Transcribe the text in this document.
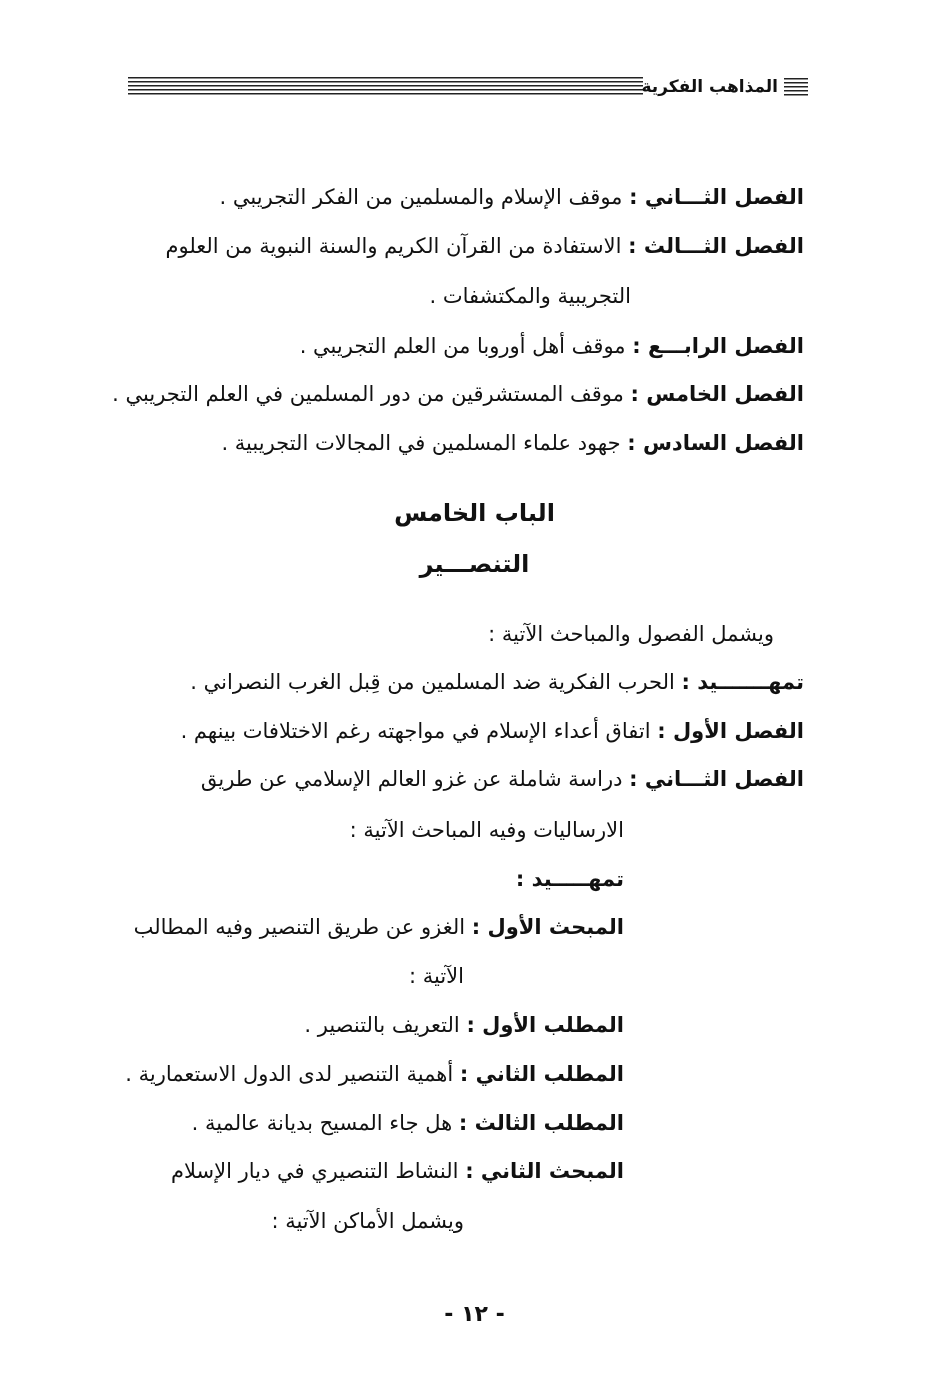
المذاهب الفكرية
الفصل الثـــاني : موقف الإسلام والمسلمين من الفكر التجريبي .
الفصل الثـــالث : الاستفادة من القرآن الكريم والسنة النبوية من العلوم
التجريبية والمكتشفات .
الفصل الرابـــع : موقف أهل أوروبا من العلم التجريبي .
الفصل الخامس : موقف المستشرقين من دور المسلمين في العلم التجريبي .
الفصل السادس : جهود علماء المسلمين في المجالات التجريبية .
الباب الخامس
التنصـــير
ويشمل الفصول والمباحث الآتية :
تمهـــــــيد : الحرب الفكرية ضد المسلمين من قِبل الغرب النصراني .
الفصل الأول : اتفاق أعداء الإسلام في مواجهته رغم الاختلافات بينهم .
الفصل الثـــاني : دراسة شاملة عن غزو العالم الإسلامي عن طريق
الارساليات وفيه المباحث الآتية :
تمهـــــيد :
المبحث الأول : الغزو عن طريق التنصير وفيه المطالب
الآتية :
المطلب الأول : التعريف بالتنصير .
المطلب الثاني : أهمية التنصير لدى الدول الاستعمارية .
المطلب الثالث : هل جاء المسيح بديانة عالمية .
المبحث الثاني : النشاط التنصيري في ديار الإسلام
ويشمل الأماكن الآتية :
- ١٢ -
